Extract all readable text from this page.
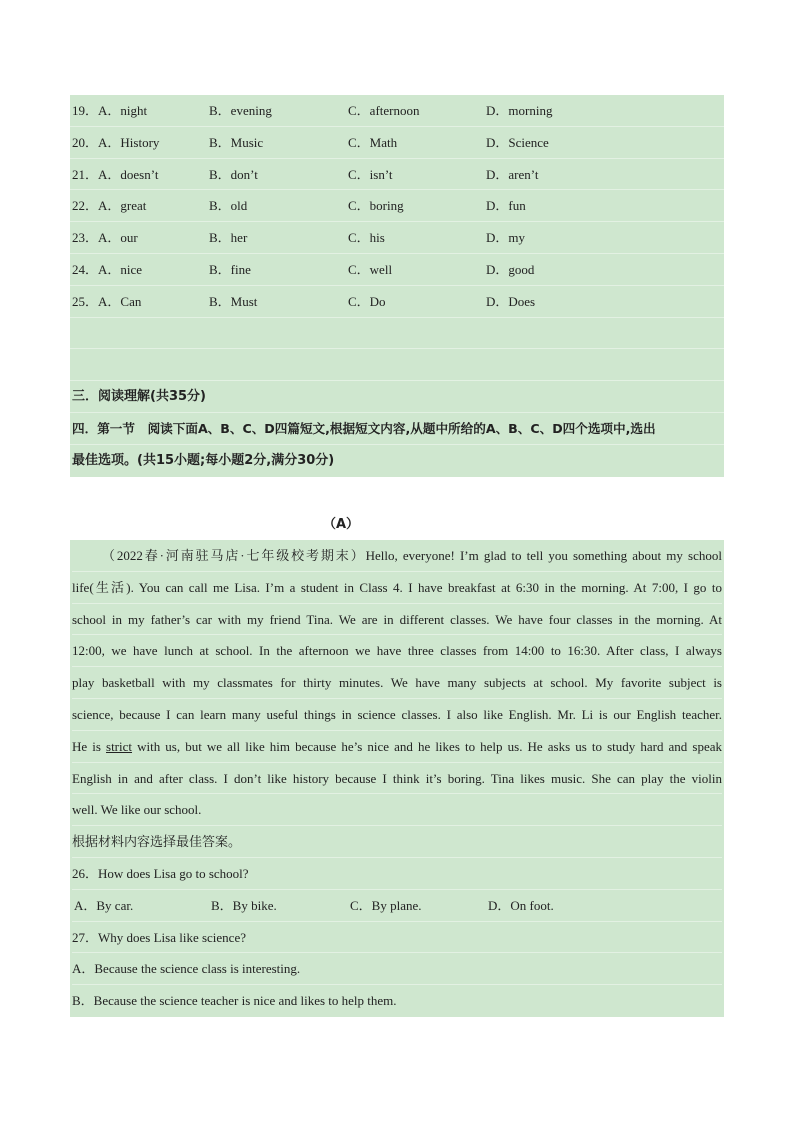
19．A．night	B．evening	C．afternoon	D．morning
20．A．History	B．Music	C．Math	D．Science
21．A．doesn’t	B．don’t	C．isn’t	D．aren’t
22．A．great	B．old	C．boring	D．fun
23．A．our	B．her	C．his	D．my
24．A．nice	B．fine	C．well	D．good
25．A．Can	B．Must	C．Do	D．Does
三．阅读理解(共35分)
四．第一节　阅读下面A、B、C、D四篇短文,根据短文内容,从题中所给的A、B、C、D四个选项中,选出
最佳选项。(共15小题;每小题2分,满分30分)
（A）
（2022春·河南驻马店·七年级校考期末）Hello, everyone! I’m glad to tell you something about my school
life(生活). You can call me Lisa. I’m a student in Class 4. I have breakfast at 6:30 in the morning. At 7:00, I go to
school in my father’s car with my friend Tina. We are in different classes. We have four classes in the morning. At
12:00, we have lunch at school. In the afternoon we have three classes from 14:00 to 16:30. After class, I always
play basketball with my classmates for thirty minutes. We have many subjects at school. My favorite subject is
science, because I can learn many useful things in science classes. I also like English. Mr. Li is our English teacher.
He is strict with us, but we all like him because he’s nice and he likes to help us. He asks us to study hard and speak
English in and after class. I don’t like history because I think it’s boring. Tina likes music. She can play the violin
well. We like our school.
根据材料内容选择最佳答案。
26．How does Lisa go to school?
A．By car.	B．By bike.	C．By plane.	D．On foot.
27．Why does Lisa like science?
A．Because the science class is interesting.
B．Because the science teacher is nice and likes to help them.
